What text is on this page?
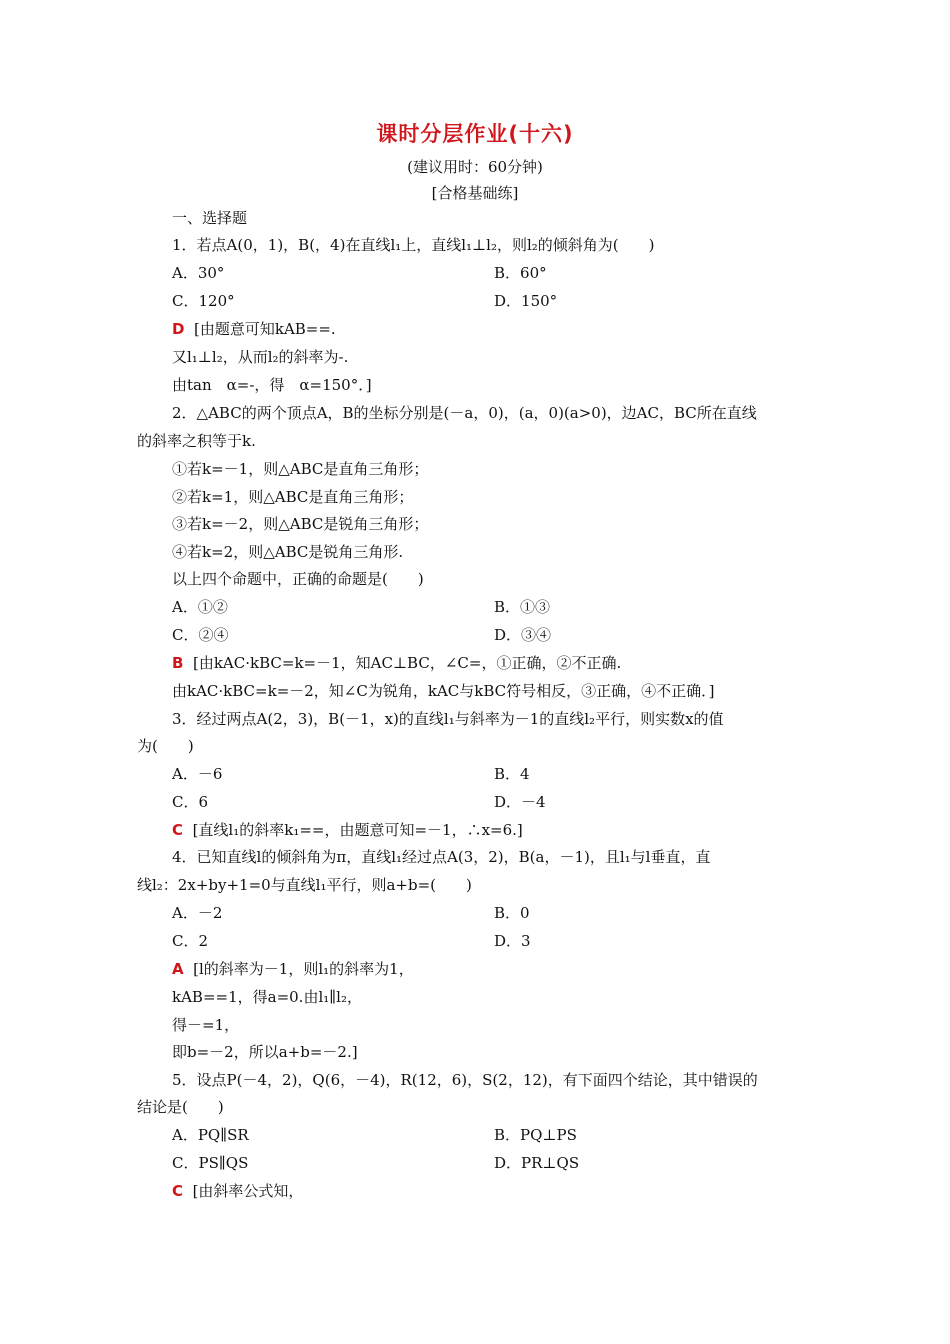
课时分层作业(十六)
(建议用时：60分钟)
[合格基础练]
一、选择题
1．若点A(0，1)，B(，4)在直线l₁上，直线l₁⊥l₂，则l₂的倾斜角为(　　)
A．30°	B．60°
C．120°	D．150°
D [由题意可知kAB==.
又l₁⊥l₂，从而l₂的斜率为-.
由tan　α=-，得　α=150°．]
2．△ABC的两个顶点A，B的坐标分别是(－a，0)，(a，0)(a>0)，边AC，BC所在直线
的斜率之积等于k.
①若k=－1，则△ABC是直角三角形；
②若k=1，则△ABC是直角三角形；
③若k=－2，则△ABC是锐角三角形；
④若k=2，则△ABC是锐角三角形.
以上四个命题中，正确的命题是(　　)
A．①②	B．①③
C．②④	D．③④
B [由kAC·kBC=k=－1，知AC⊥BC，∠C=，①正确，②不正确.
由kAC·kBC=k=－2，知∠C为锐角，kAC与kBC符号相反，③正确，④不正确．]
3．经过两点A(2，3)，B(－1，x)的直线l₁与斜率为－1的直线l₂平行，则实数x的值
为(　　)
A．－6	B．4
C．6	D．－4
C [直线l₁的斜率k₁==，由题意可知=－1，∴x=6.]
4．已知直线l的倾斜角为π，直线l₁经过点A(3，2)，B(a，－1)，且l₁与l垂直，直
线l₂：2x+by+1=0与直线l₁平行，则a+b=(　　)
A．－2	B．0
C．2	D．3
A [l的斜率为－1，则l₁的斜率为1，
kAB==1，得a=0.由l₁∥l₂，
得－=1，
即b=－2，所以a+b=－2.]
5．设点P(－4，2)，Q(6，－4)，R(12，6)，S(2，12)，有下面四个结论，其中错误的
结论是(　　)
A．PQ∥SR	B．PQ⊥PS
C．PS∥QS	D．PR⊥QS
C [由斜率公式知，
